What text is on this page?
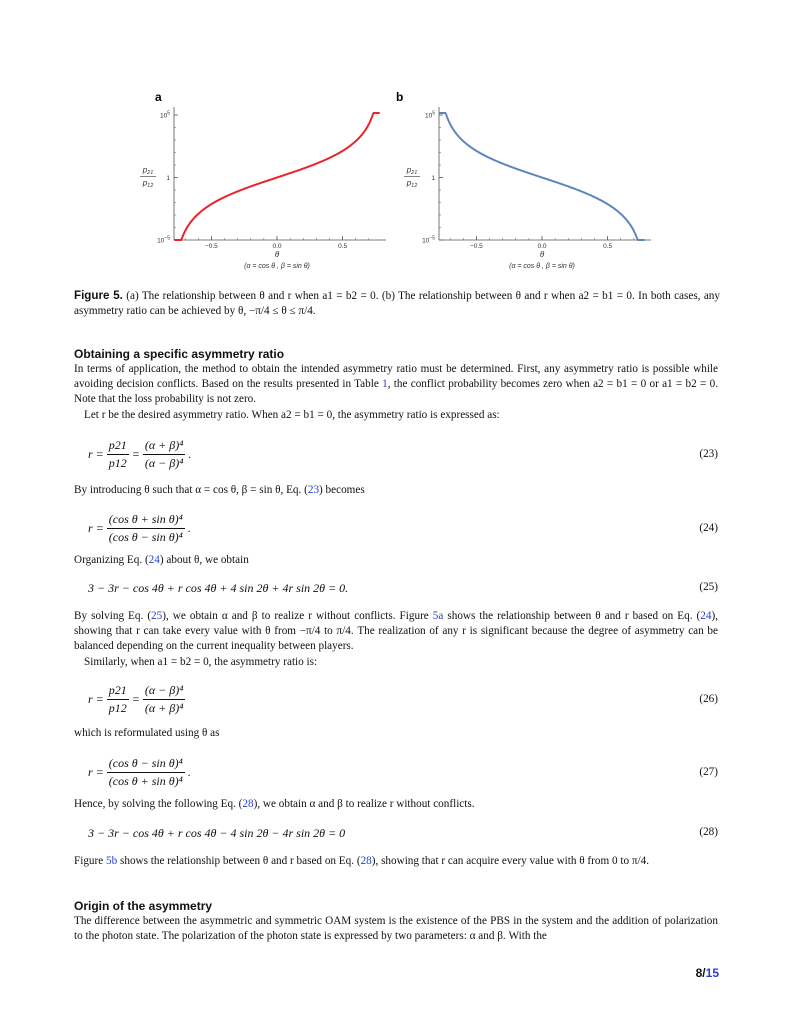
a	b
$10^5$
1
$10^{-5}$
−0.5	0.0	0.5
p21
p12
θ
(α = cos θ , β = sin θ)
$10^5$
1
$10^{-5}$
−0.5	0.0	0.5
p21
p12
θ
(α = cos θ , β = sin θ)
Figure 5. (a) The relationship between θ and r when a1 = b2 = 0. (b) The relationship between θ and r when a2 = b1 = 0. In both cases, any asymmetry ratio can be achieved by θ, −π/4 ≤ θ ≤ π/4.
Obtaining a specific asymmetry ratio
In terms of application, the method to obtain the intended asymmetry ratio must be determined. First, any asymmetry ratio is possible while avoiding decision conflicts. Based on the results presented in Table 1, the conflict probability becomes zero when a2 = b1 = 0 or a1 = b2 = 0. Note that the loss probability is not zero.
Let r be the desired asymmetry ratio. When a2 = b1 = 0, the asymmetry ratio is expressed as:
$r = \frac{p21}{p12} = \frac{\text{(α + β)⁴}}{\text{(α − β)⁴}}$ .	(23)
By introducing θ such that α = cos θ, β = sin θ, Eq. (23) becomes
$r = \frac{\text{(cos θ + sin θ)⁴}}{\text{(cos θ − sin θ)⁴}}$ .	(24)
Organizing Eq. (24) about θ, we obtain
3 − 3r − cos 4θ + r cos 4θ + 4 sin 2θ + 4r sin 2θ = 0.	(25)
By solving Eq. (25), we obtain α and β to realize r without conflicts. Figure 5a shows the relationship between θ and r based on Eq. (24), showing that r can take every value with θ from −π/4 to π/4. The realization of any r is significant because the degree of asymmetry can be balanced depending on the current inequality between players.
Similarly, when a1 = b2 = 0, the asymmetry ratio is:
$r = \frac{p21}{p12} = \frac{\text{(α − β)⁴}}{\text{(α + β)⁴}}$	(26)
which is reformulated using θ as
$r = \frac{\text{(cos θ − sin θ)⁴}}{\text{(cos θ + sin θ)⁴}}$ .	(27)
Hence, by solving the following Eq. (28), we obtain α and β to realize r without conflicts.
3 − 3r − cos 4θ + r cos 4θ − 4 sin 2θ − 4r sin 2θ = 0	(28)
Figure 5b shows the relationship between θ and r based on Eq. (28), showing that r can acquire every value with θ from 0 to π/4.
Origin of the asymmetry
The difference between the asymmetric and symmetric OAM system is the existence of the PBS in the system and the addition of polarization to the photon state. The polarization of the photon state is expressed by two parameters: α and β. With the
8/15
